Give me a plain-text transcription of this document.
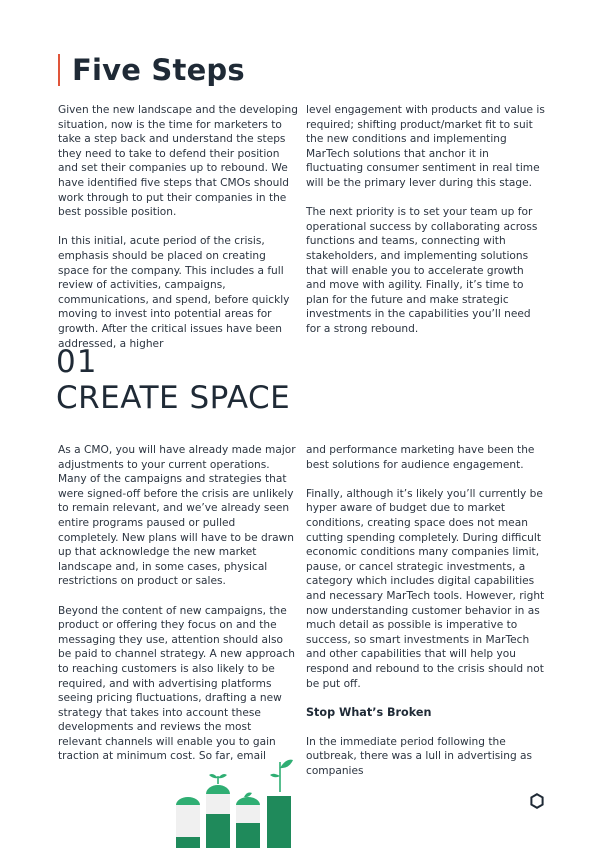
Five Steps

Given the new landscape and the developing situation, now is the time for marketers to take a step back and understand the steps they need to take to defend their position and set their companies up to rebound. We have identified five steps that CMOs should work through to put their companies in the best possible position.

In this initial, acute period of the crisis, emphasis should be placed on creating space for the company. This includes a full review of activities, campaigns, communications, and spend, before quickly moving to invest into potential areas for growth. After the critical issues have been addressed, a higher

level engagement with products and value is required; shifting product/market fit to suit the new conditions and implementing MarTech solutions that anchor it in fluctuating consumer sentiment in real time will be the primary lever during this stage.

The next priority is to set your team up for operational success by collaborating across functions and teams, connecting with stakeholders, and implementing solutions that will enable you to accelerate growth and move with agility. Finally, it’s time to plan for the future and make strategic investments in the capabilities you’ll need for a strong rebound.

01
CREATE SPACE

As a CMO, you will have already made major adjustments to your current operations. Many of the campaigns and strategies that were signed-off before the crisis are unlikely to remain relevant, and we’ve already seen entire programs paused or pulled completely. New plans will have to be drawn up that acknowledge the new market landscape and, in some cases, physical restrictions on product or sales.

Beyond the content of new campaigns, the product or offering they focus on and the messaging they use, attention should also be paid to channel strategy. A new approach to reaching customers is also likely to be required, and with advertising platforms seeing pricing fluctuations, drafting a new strategy that takes into account these developments and reviews the most relevant channels will enable you to gain traction at minimum cost. So far, email

and performance marketing have been the best solutions for audience engagement.

Finally, although it’s likely you’ll currently be hyper aware of budget due to market conditions, creating space does not mean cutting spending completely. During difficult economic conditions many companies limit, pause, or cancel strategic investments, a category which includes digital capabilities and necessary MarTech tools. However, right now understanding customer behavior in as much detail as possible is imperative to success, so smart investments in MarTech and other capabilities that will help you respond and rebound to the crisis should not be put off.

Stop What’s Broken

In the immediate period following the outbreak, there was a lull in advertising as companies
